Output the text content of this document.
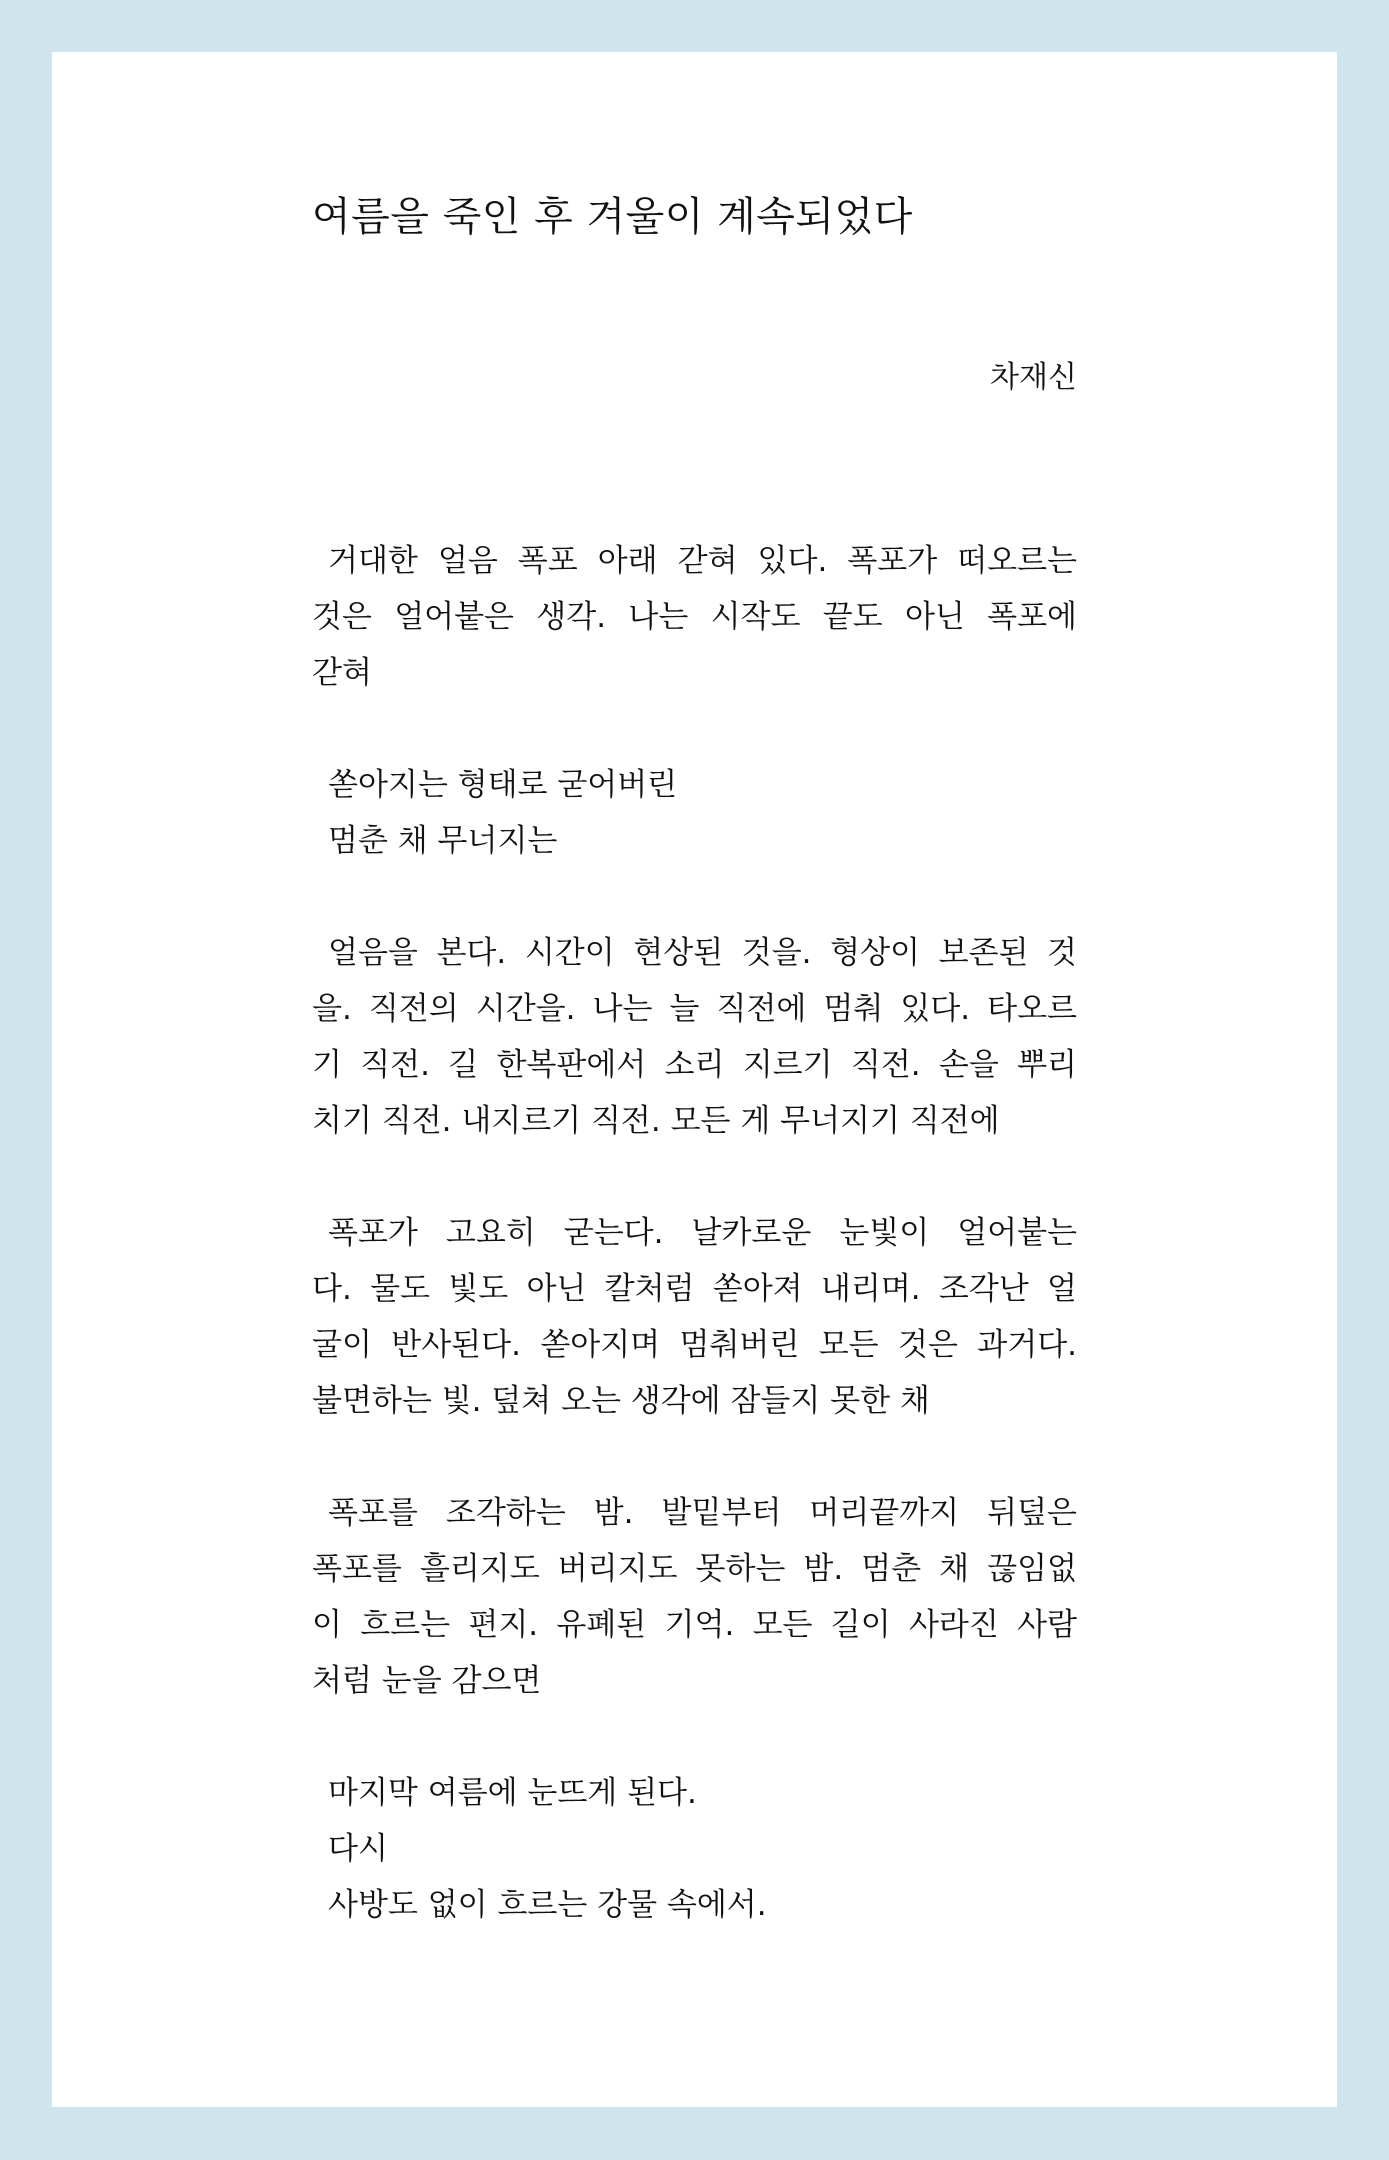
여름을 죽인 후 겨울이 계속되었다
차재신

거대한 얼음 폭포 아래 갇혀 있다. 폭포가 떠오르는
것은 얼어붙은 생각. 나는 시작도 끝도 아닌 폭포에
갇혀

쏟아지는 형태로 굳어버린
멈춘 채 무너지는

얼음을 본다. 시간이 현상된 것을. 형상이 보존된 것
을. 직전의 시간을. 나는 늘 직전에 멈춰 있다. 타오르
기 직전. 길 한복판에서 소리 지르기 직전. 손을 뿌리
치기 직전. 내지르기 직전. 모든 게 무너지기 직전에

폭포가 고요히 굳는다. 날카로운 눈빛이 얼어붙는
다. 물도 빛도 아닌 칼처럼 쏟아져 내리며. 조각난 얼
굴이 반사된다. 쏟아지며 멈춰버린 모든 것은 과거다.
불면하는 빛. 덮쳐 오는 생각에 잠들지 못한 채

폭포를 조각하는 밤. 발밑부터 머리끝까지 뒤덮은
폭포를 흘리지도 버리지도 못하는 밤. 멈춘 채 끊임없
이 흐르는 편지. 유폐된 기억. 모든 길이 사라진 사람
처럼 눈을 감으면

마지막 여름에 눈뜨게 된다.
다시
사방도 없이 흐르는 강물 속에서.
